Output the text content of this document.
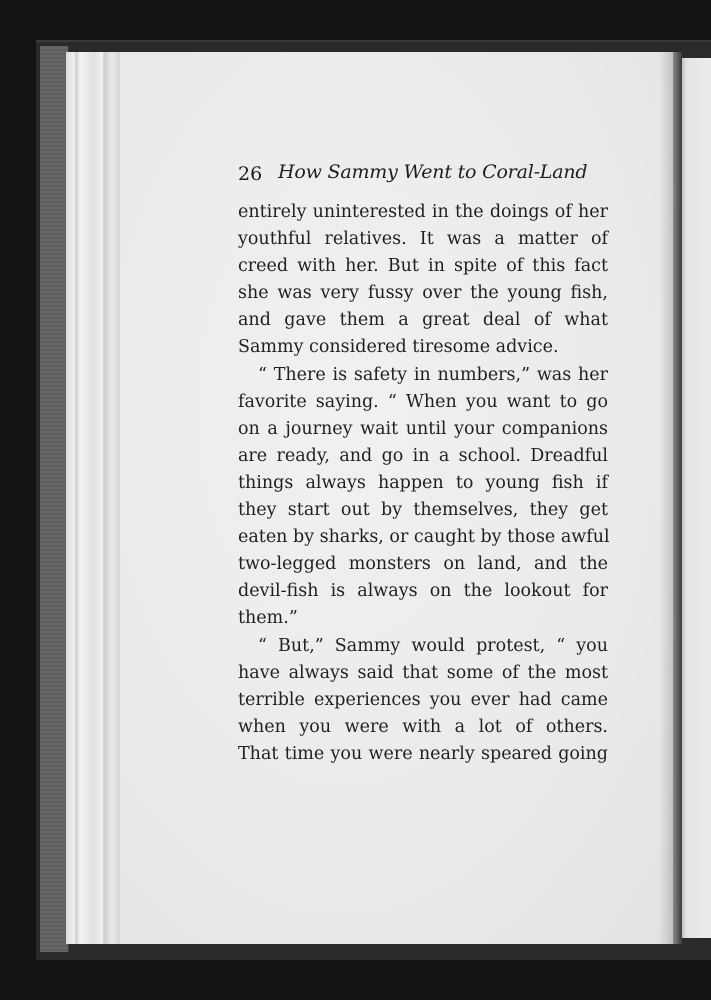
26 How Sammy Went to Coral-Land
entirely uninterested in the doings of her
youthful relatives. It was a matter of
creed with her. But in spite of this fact
she was very fussy over the young fish,
and gave them a great deal of what
Sammy considered tiresome advice.
“ There is safety in numbers,” was her
favorite saying. “ When you want to go
on a journey wait until your companions
are ready, and go in a school. Dreadful
things always happen to young fish if
they start out by themselves, they get
eaten by sharks, or caught by those awful
two-legged monsters on land, and the
devil-fish is always on the lookout for
them.”
“ But,” Sammy would protest, “ you
have always said that some of the most
terrible experiences you ever had came
when you were with a lot of others.
That time you were nearly speared going
